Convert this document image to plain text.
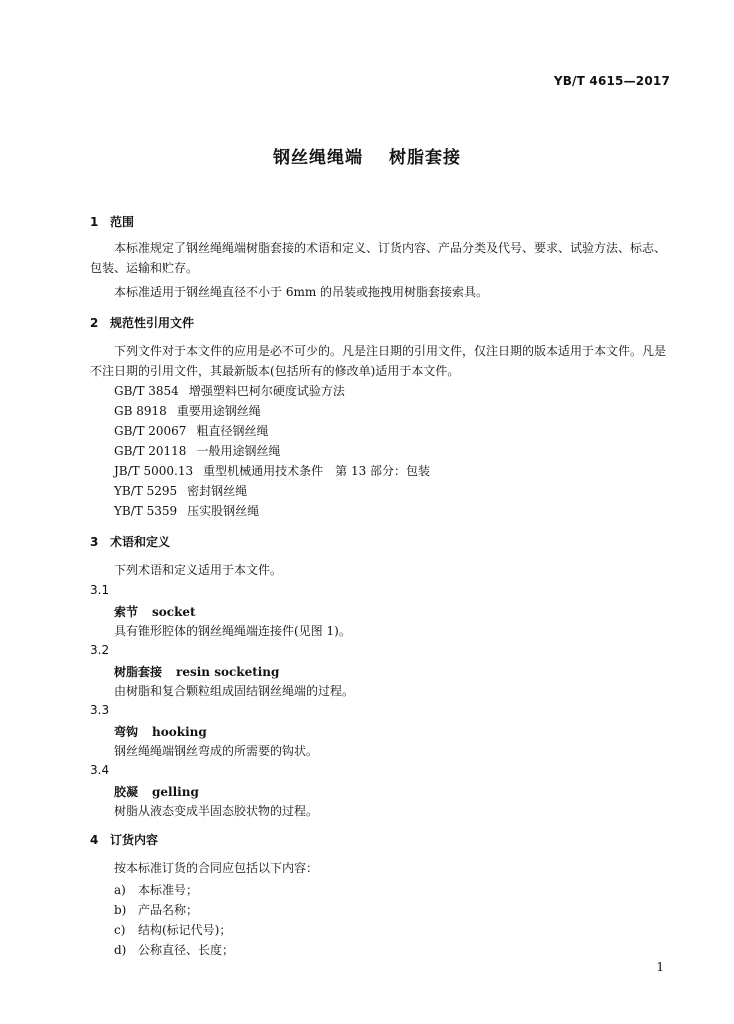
YB/T 4615—2017
钢丝绳绳端 树脂套接
1 范围
本标准规定了钢丝绳绳端树脂套接的术语和定义、订货内容、产品分类及代号、要求、试验方法、标志、包装、运输和贮存。
本标准适用于钢丝绳直径不小于 6mm 的吊装或拖拽用树脂套接索具。
2 规范性引用文件
下列文件对于本文件的应用是必不可少的。凡是注日期的引用文件，仅注日期的版本适用于本文件。凡是不注日期的引用文件，其最新版本(包括所有的修改单)适用于本文件。
GB/T 3854 增强塑料巴柯尔硬度试验方法
GB 8918 重要用途钢丝绳
GB/T 20067 粗直径钢丝绳
GB/T 20118 一般用途钢丝绳
JB/T 5000.13 重型机械通用技术条件　第 13 部分：包装
YB/T 5295 密封钢丝绳
YB/T 5359 压实股钢丝绳
3 术语和定义
下列术语和定义适用于本文件。
3.1
索节 socket
具有锥形腔体的钢丝绳绳端连接件(见图 1)。
3.2
树脂套接 resin socketing
由树脂和复合颗粒组成固结钢丝绳端的过程。
3.3
弯钩 hooking
钢丝绳绳端钢丝弯成的所需要的钩状。
3.4
胶凝 gelling
树脂从液态变成半固态胶状物的过程。
4 订货内容
按本标准订货的合同应包括以下内容：
a) 本标准号；
b) 产品名称；
c) 结构(标记代号)；
d) 公称直径、长度；
1
